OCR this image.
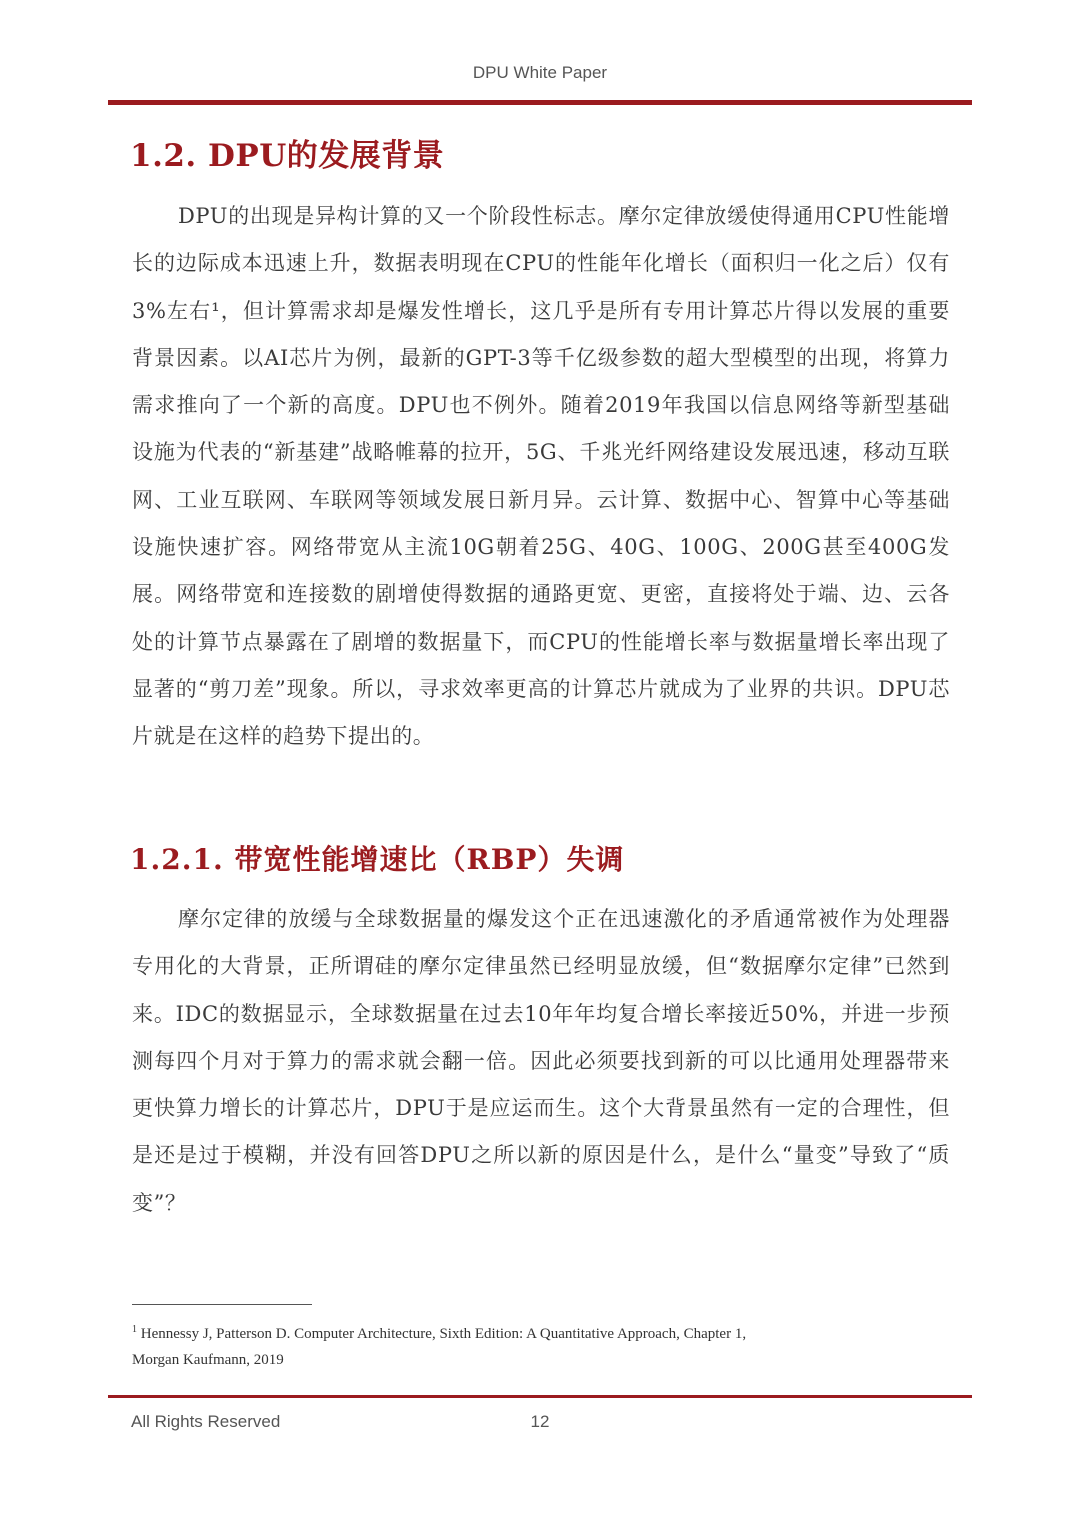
DPU White Paper
1.2. DPU的发展背景

DPU的出现是异构计算的又一个阶段性标志。摩尔定律放缓使得通用CPU性能增长的边际成本迅速上升，数据表明现在CPU的性能年化增长（面积归一化之后）仅有3%左右¹，但计算需求却是爆发性增长，这几乎是所有专用计算芯片得以发展的重要背景因素。以AI芯片为例，最新的GPT-3等千亿级参数的超大型模型的出现，将算力需求推向了一个新的高度。DPU也不例外。随着2019年我国以信息网络等新型基础设施为代表的“新基建”战略帷幕的拉开，5G、千兆光纤网络建设发展迅速，移动互联网、工业互联网、车联网等领域发展日新月异。云计算、数据中心、智算中心等基础设施快速扩容。网络带宽从主流10G朝着25G、40G、100G、200G甚至400G发展。网络带宽和连接数的剧增使得数据的通路更宽、更密，直接将处于端、边、云各处的计算节点暴露在了剧增的数据量下，而CPU的性能增长率与数据量增长率出现了显著的“剪刀差”现象。所以，寻求效率更高的计算芯片就成为了业界的共识。DPU芯片就是在这样的趋势下提出的。

1.2.1. 带宽性能增速比（RBP）失调

摩尔定律的放缓与全球数据量的爆发这个正在迅速激化的矛盾通常被作为处理器专用化的大背景，正所谓硅的摩尔定律虽然已经明显放缓，但“数据摩尔定律”已然到来。IDC的数据显示，全球数据量在过去10年年均复合增长率接近50%，并进一步预测每四个月对于算力的需求就会翻一倍。因此必须要找到新的可以比通用处理器带来更快算力增长的计算芯片，DPU于是应运而生。这个大背景虽然有一定的合理性，但是还是过于模糊，并没有回答DPU之所以新的原因是什么，是什么“量变”导致了“质变”？

$^1$ Hennessy J, Patterson D. Computer Architecture, Sixth Edition: A Quantitative Approach, Chapter 1,
Morgan Kaufmann, 2019
All Rights Reserved	12
